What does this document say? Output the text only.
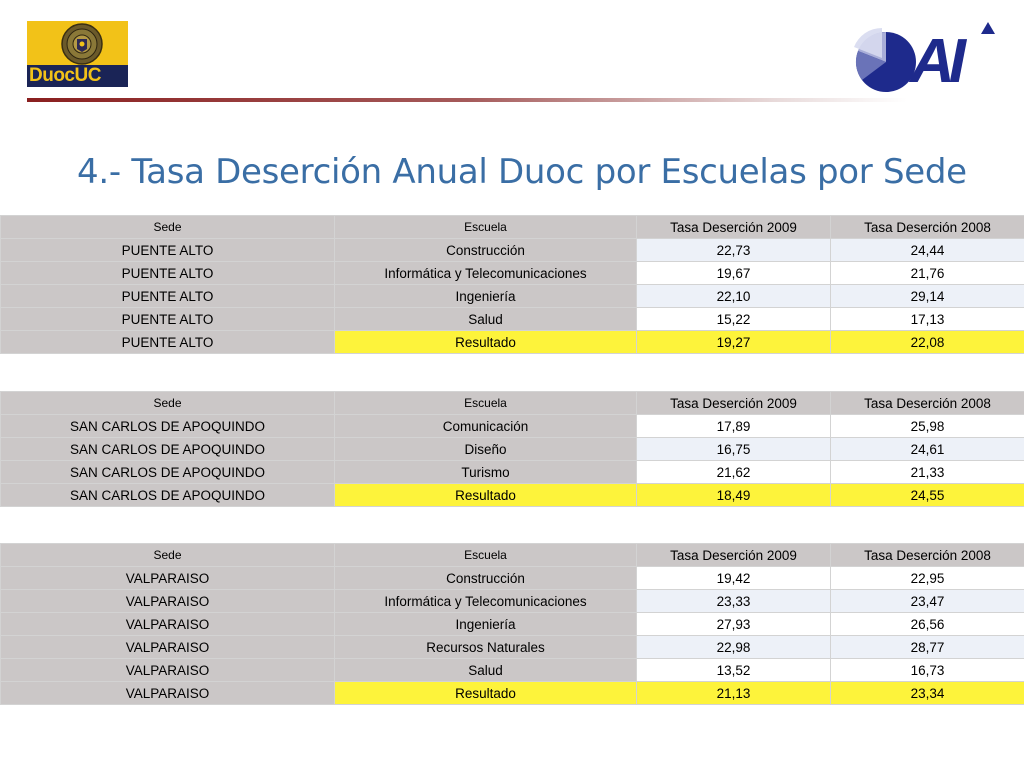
DuocUC	AI
4.- Tasa Deserción Anual Duoc por Escuelas por Sede
Sede	Escuela	Tasa Deserción 2009	Tasa Deserción 2008
PUENTE ALTO	Construcción	22,73	24,44
PUENTE ALTO	Informática y Telecomunicaciones	19,67	21,76
PUENTE ALTO	Ingeniería	22,10	29,14
PUENTE ALTO	Salud	15,22	17,13
PUENTE ALTO	Resultado	19,27	22,08
Sede	Escuela	Tasa Deserción 2009	Tasa Deserción 2008
SAN CARLOS DE APOQUINDO	Comunicación	17,89	25,98
SAN CARLOS DE APOQUINDO	Diseño	16,75	24,61
SAN CARLOS DE APOQUINDO	Turismo	21,62	21,33
SAN CARLOS DE APOQUINDO	Resultado	18,49	24,55
Sede	Escuela	Tasa Deserción 2009	Tasa Deserción 2008
VALPARAISO	Construcción	19,42	22,95
VALPARAISO	Informática y Telecomunicaciones	23,33	23,47
VALPARAISO	Ingeniería	27,93	26,56
VALPARAISO	Recursos Naturales	22,98	28,77
VALPARAISO	Salud	13,52	16,73
VALPARAISO	Resultado	21,13	23,34
